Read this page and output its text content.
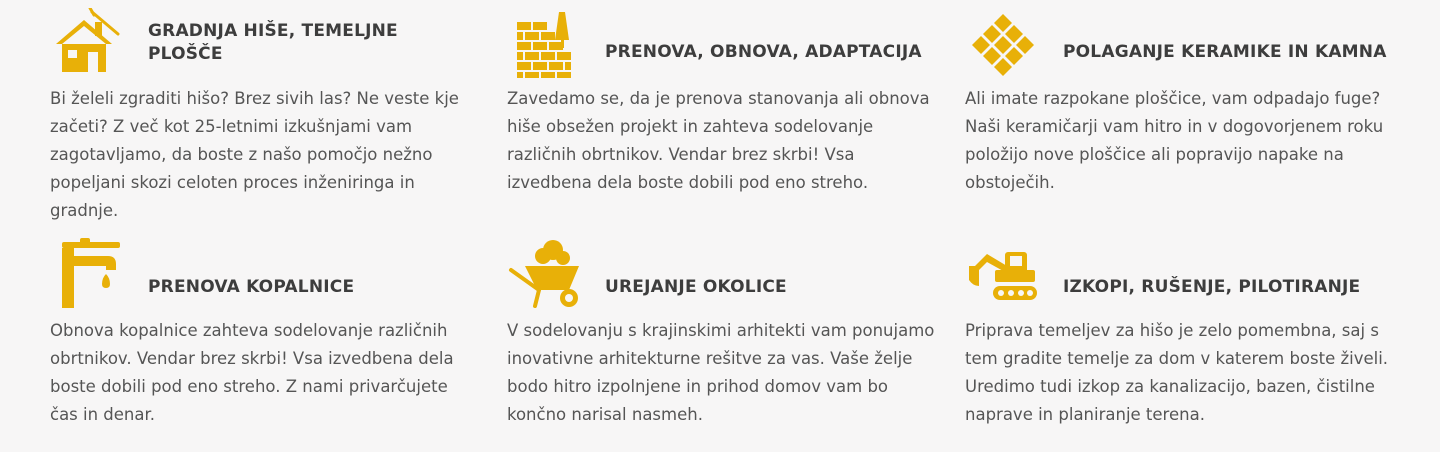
GRADNJA HIŠE, TEMELJNE PLOŠČE

Bi želeli zgraditi hišo? Brez sivih las? Ne veste kje začeti? Z več kot 25-letnimi izkušnjami vam zagotavljamo, da boste z našo pomočjo nežno popeljani skozi celoten proces inženiringa in gradnje.

PRENOVA, OBNOVA, ADAPTACIJA

Zavedamo se, da je prenova stanovanja ali obnova hiše obsežen projekt in zahteva sodelovanje različnih obrtnikov. Vendar brez skrbi! Vsa izvedbena dela boste dobili pod eno streho.

POLAGANJE KERAMIKE IN KAMNA

Ali imate razpokane ploščice, vam odpadajo fuge? Naši keramičarji vam hitro in v dogovorjenem roku položijo nove ploščice ali popravijo napake na obstoječih.

PRENOVA KOPALNICE

Obnova kopalnice zahteva sodelovanje različnih obrtnikov. Vendar brez skrbi! Vsa izvedbena dela boste dobili pod eno streho. Z nami privarčujete čas in denar.

UREJANJE OKOLICE

V sodelovanju s krajinskimi arhitekti vam ponujamo inovativne arhitekturne rešitve za vas. Vaše želje bodo hitro izpolnjene in prihod domov vam bo končno narisal nasmeh.

IZKOPI, RUŠENJE, PILOTIRANJE

Priprava temeljev za hišo je zelo pomembna, saj s tem gradite temelje za dom v katerem boste živeli. Uredimo tudi izkop za kanalizacijo, bazen, čistilne naprave in planiranje terena.
